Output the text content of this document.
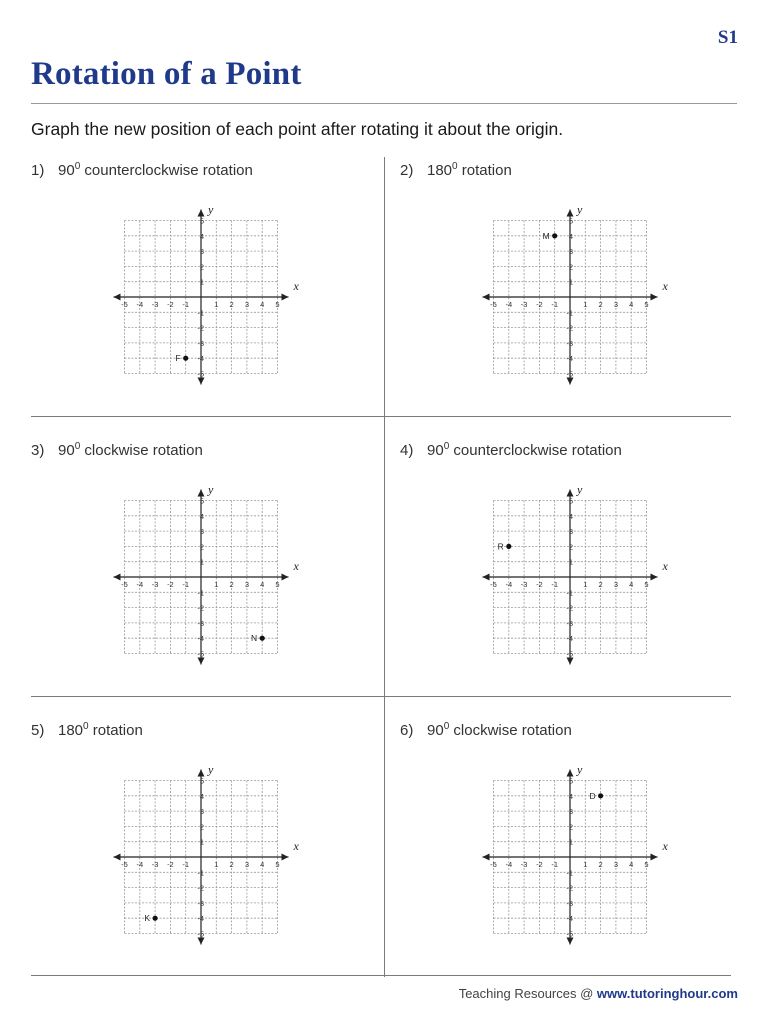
S1
Rotation of a Point
Graph the new position of each point after rotating it about the origin.
1) $90^0$ counterclockwise rotation
x
y
-5 -4 -3 -2 -1	1 2 3 4 5
5
4
3
2
1
-1
-2
-3
-4
-5
F
2) $180^0$ rotation
x
y
-5 -4 -3 -2 -1	1 2 3 4 5
5
4
3
2
1
-1
-2
-3
-4
-5
M
3) $90^0$ clockwise rotation
x
y
-5 -4 -3 -2 -1	1 2 3 4 5
5
4
3
2
1
-1
-2
-3
-4
-5
N
4) $90^0$ counterclockwise rotation
x
y
-5 -4 -3 -2 -1	1 2 3 4 5
5
4
3
2
1
-1
-2
-3
-4
-5
R
5) $180^0$ rotation
x
y
-5 -4 -3 -2 -1	1 2 3 4 5
5
4
3
2
1
-1
-2
-3
-4
-5
K
6) $90^0$ clockwise rotation
x
y
-5 -4 -3 -2 -1	1 2 3 4 5
5
4
3
2
1
-1
-2
-3
-4
-5
D
Teaching Resources @ www.tutoringhour.com
